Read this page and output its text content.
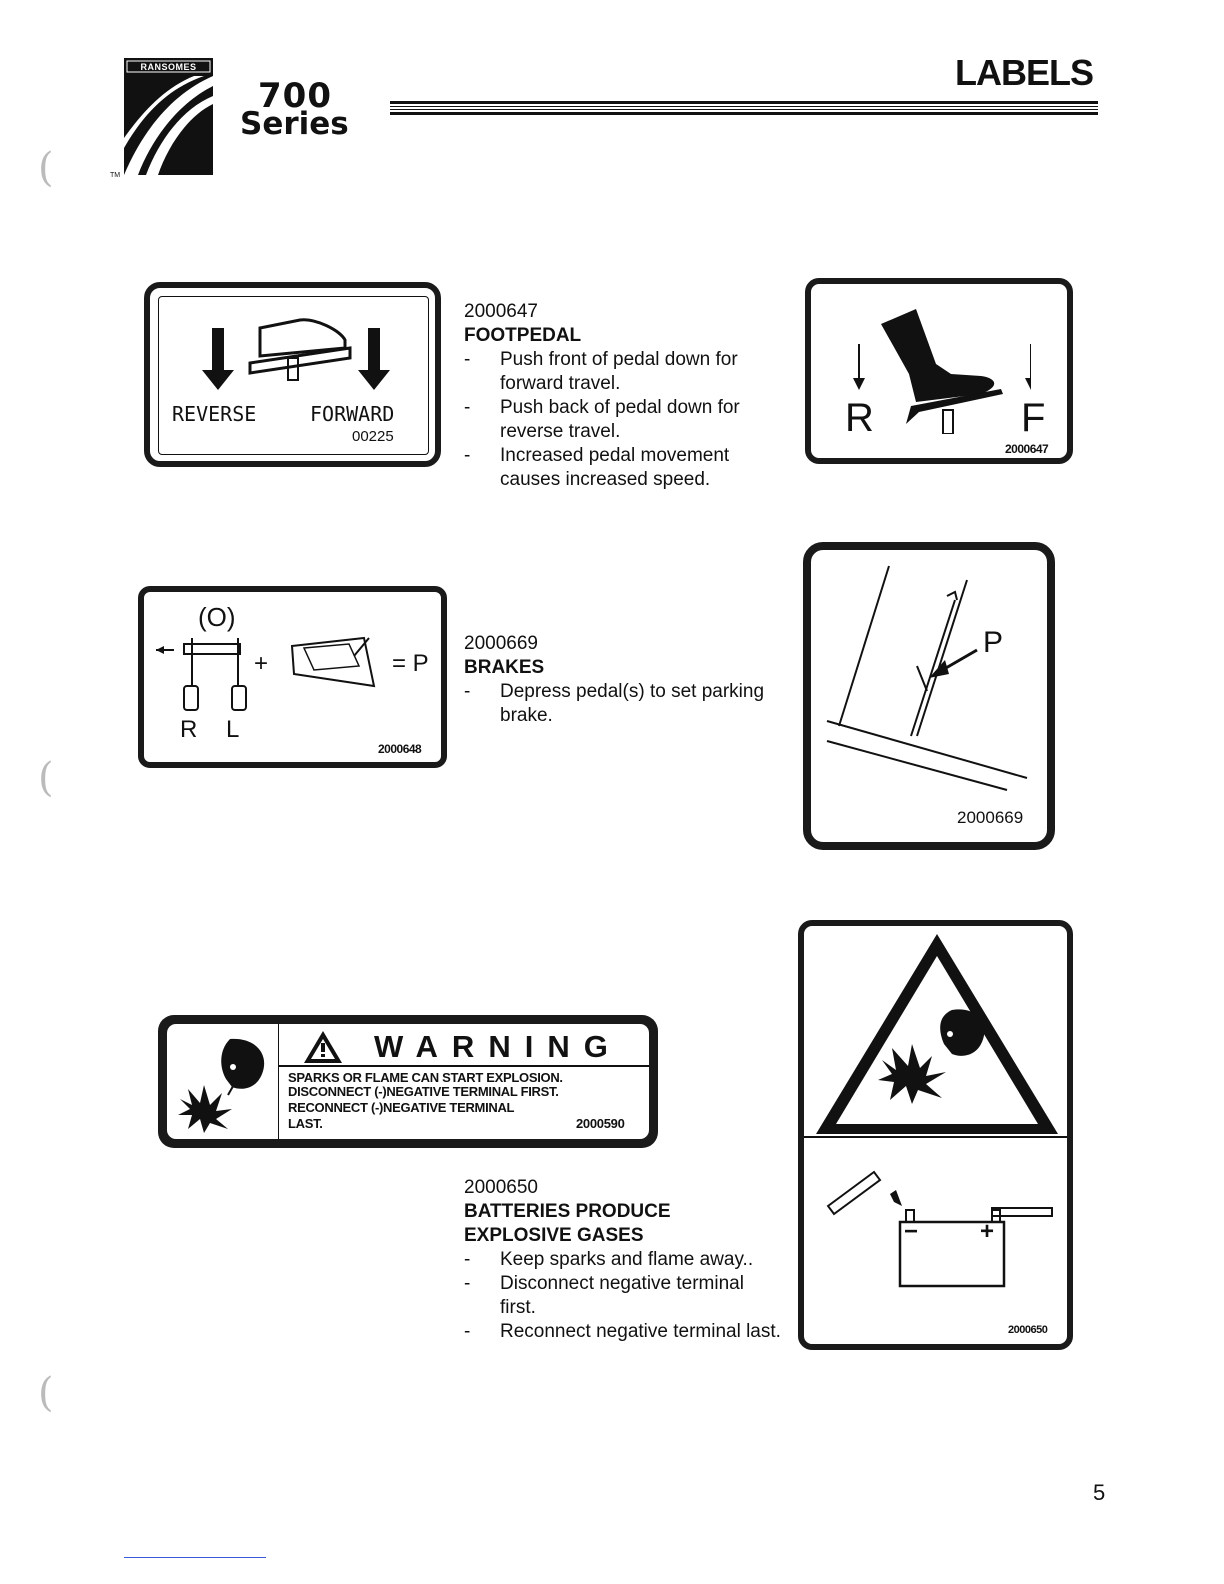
RANSOMES
700
Series
TM
LABELS
(
(
(
REVERSE	FORWARD
00225
2000647
FOOTPEDAL
- Push front of pedal down for forward travel.
- Push back of pedal down for reverse travel.
- Increased pedal movement causes increased speed.
R	F
2000647
(O)
+	= P
R L
2000648
2000669
BRAKES
- Depress pedal(s) to set parking brake.
P
2000669
WARNING
SPARKS OR FLAME CAN START EXPLOSION.
DISCONNECT (-)NEGATIVE TERMINAL FIRST.
RECONNECT (-)NEGATIVE TERMINAL
LAST.	2000590
2000650
BATTERIES PRODUCE
EXPLOSIVE GASES
- Keep sparks and flame away..
- Disconnect negative terminal first.
- Reconnect negative terminal last.
−	+
2000650
5
